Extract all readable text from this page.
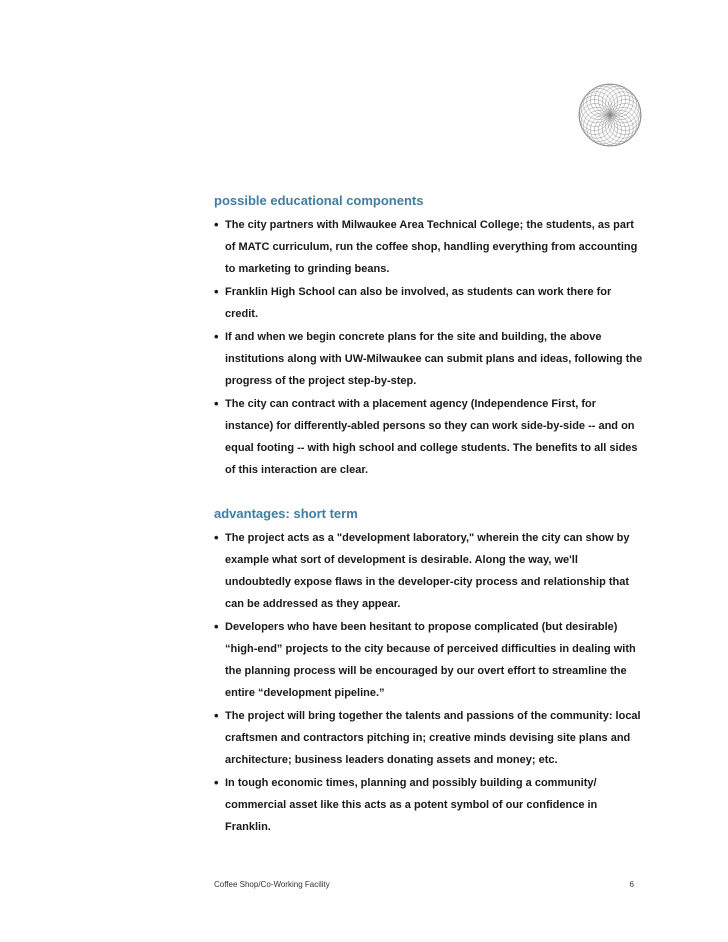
possible educational components
• The city partners with Milwaukee Area Technical College; the students, as part of MATC curriculum, run the coffee shop, handling everything from accounting to marketing to grinding beans.
• Franklin High School can also be involved, as students can work there for credit.
• If and when we begin concrete plans for the site and building, the above institutions along with UW-Milwaukee can submit plans and ideas, following the progress of the project step-by-step.
• The city can contract with a placement agency (Independence First, for instance) for differently-abled persons so they can work side-by-side -- and on equal footing -- with high school and college students. The benefits to all sides of this interaction are clear.
advantages: short term
• The project acts as a "development laboratory," wherein the city can show by example what sort of development is desirable. Along the way, we'll undoubtedly expose flaws in the developer-city process and relationship that can be addressed as they appear.
• Developers who have been hesitant to propose complicated (but desirable) “high-end” projects to the city because of perceived difficulties in dealing with the planning process will be encouraged by our overt effort to streamline the entire “development pipeline.”
• The project will bring together the talents and passions of the community: local craftsmen and contractors pitching in; creative minds devising site plans and architecture; business leaders donating assets and money; etc.
• In tough economic times, planning and possibly building a community/ commercial asset like this acts as a potent symbol of our confidence in Franklin.
Coffee Shop/Co-Working Facility	6
